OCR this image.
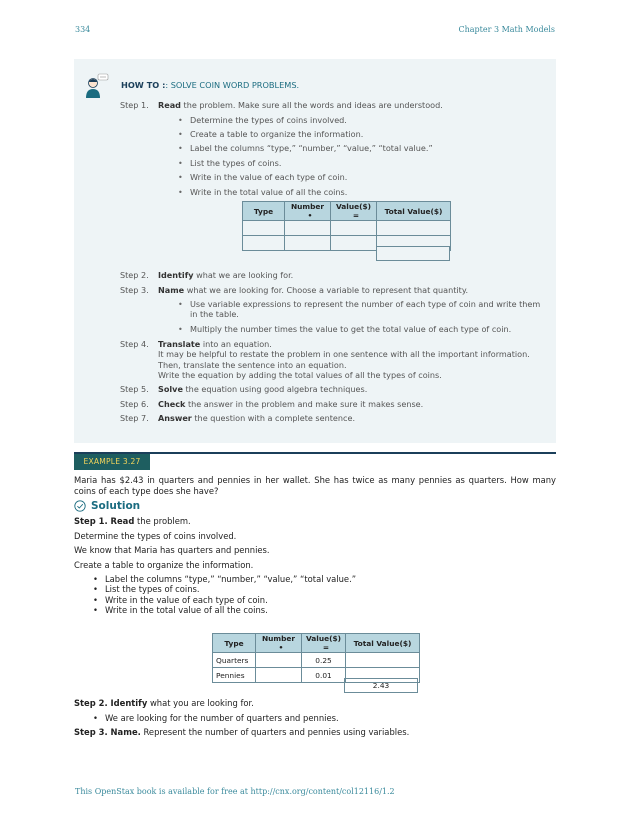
334	Chapter 3 Math Models
HOW TO :: SOLVE COIN WORD PROBLEMS.
Step 1.	Read the problem. Make sure all the words and ideas are understood.
• Determine the types of coins involved.
• Create a table to organize the information.
• Label the columns “type,” “number,” “value,” “total value.”
• List the types of coins.
• Write in the value of each type of coin.
• Write in the total value of all the coins.
Type	Number•	Value($)=	Total Value($)

Step 2.	Identify what we are looking for.
Step 3.	Name what we are looking for. Choose a variable to represent that quantity.
• Use variable expressions to represent the number of each type of coin and write them
in the table.
• Multiply the number times the value to get the total value of each type of coin.
Step 4.	Translate into an equation.
It may be helpful to restate the problem in one sentence with all the important information.
Then, translate the sentence into an equation.
Write the equation by adding the total values of all the types of coins.
Step 5.	Solve the equation using good algebra techniques.
Step 6.	Check the answer in the problem and make sure it makes sense.
Step 7.	Answer the question with a complete sentence.
EXAMPLE 3.27
Maria has $2.43 in quarters and pennies in her wallet. She has twice as many pennies as quarters. How many coins of each type does she have?
Solution
Step 1. Read the problem.
Determine the types of coins involved.
We know that Maria has quarters and pennies.
Create a table to organize the information.
• Label the columns “type,” “number,” “value,” “total value.”
• List the types of coins.
• Write in the value of each type of coin.
• Write in the total value of all the coins.
Type	Number•	Value($)=	Total Value($)
Quarters		0.25	
Pennies		0.01	
2.43
Step 2. Identify what you are looking for.
• We are looking for the number of quarters and pennies.
Step 3. Name. Represent the number of quarters and pennies using variables.
This OpenStax book is available for free at http://cnx.org/content/col12116/1.2
